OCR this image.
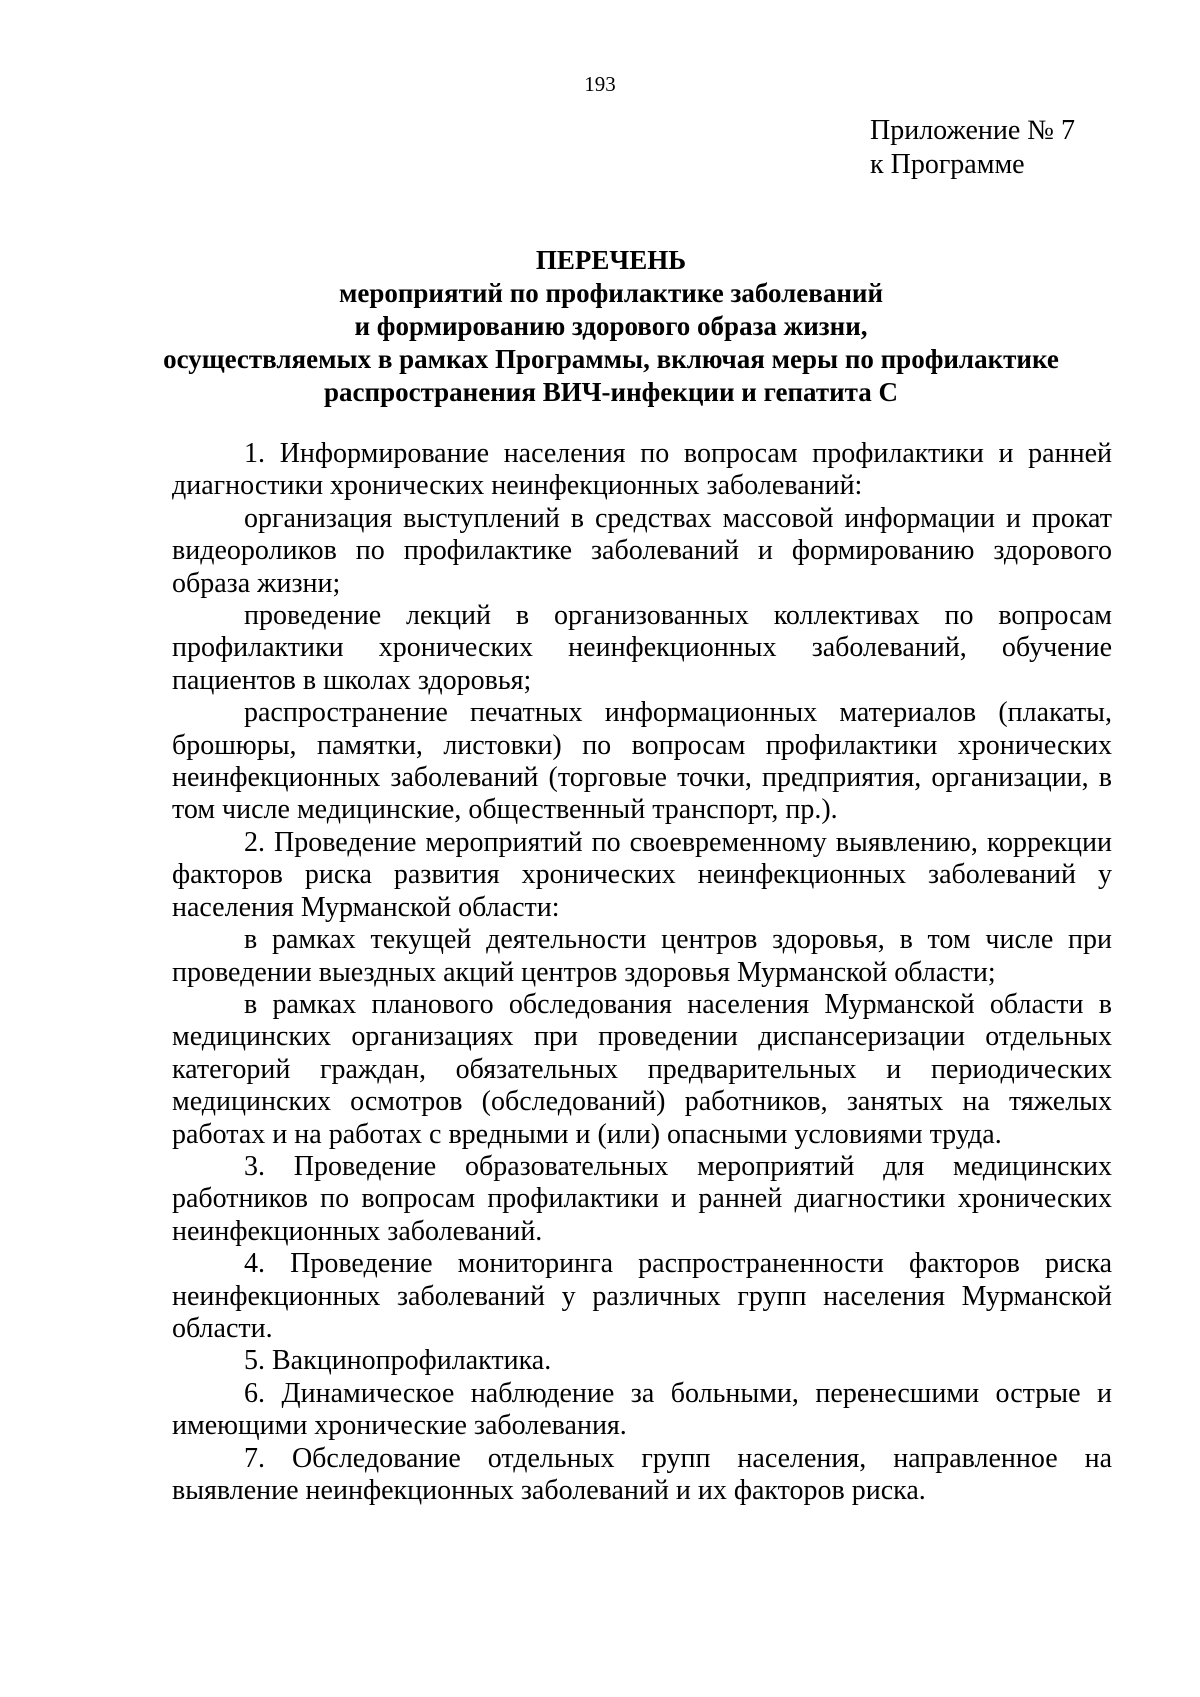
193
Приложение № 7
к Программе
ПЕРЕЧЕНЬ
мероприятий по профилактике заболеваний
и формированию здорового образа жизни,
осуществляемых в рамках Программы, включая меры по профилактике
распространения ВИЧ-инфекции и гепатита С

1. Информирование населения по вопросам профилактики и ранней диагностики хронических неинфекционных заболеваний:

организация выступлений в средствах массовой информации и прокат видеороликов по профилактике заболеваний и формированию здорового образа жизни;

проведение лекций в организованных коллективах по вопросам профилактики хронических неинфекционных заболеваний, обучение пациентов в школах здоровья;

распространение печатных информационных материалов (плакаты, брошюры, памятки, листовки) по вопросам профилактики хронических неинфекционных заболеваний (торговые точки, предприятия, организации, в том числе медицинские, общественный транспорт, пр.).

2. Проведение мероприятий по своевременному выявлению, коррекции факторов риска развития хронических неинфекционных заболеваний у населения Мурманской области:

в рамках текущей деятельности центров здоровья, в том числе при проведении выездных акций центров здоровья Мурманской области;

в рамках планового обследования населения Мурманской области в медицинских организациях при проведении диспансеризации отдельных категорий граждан, обязательных предварительных и периодических медицинских осмотров (обследований) работников, занятых на тяжелых работах и на работах с вредными и (или) опасными условиями труда.

3. Проведение образовательных мероприятий для медицинских работников по вопросам профилактики и ранней диагностики хронических неинфекционных заболеваний.

4. Проведение мониторинга распространенности факторов риска неинфекционных заболеваний у различных групп населения Мурманской области.

5. Вакцинопрофилактика.

6. Динамическое наблюдение за больными, перенесшими острые и имеющими хронические заболевания.

7. Обследование отдельных групп населения, направленное на выявление неинфекционных заболеваний и их факторов риска.
